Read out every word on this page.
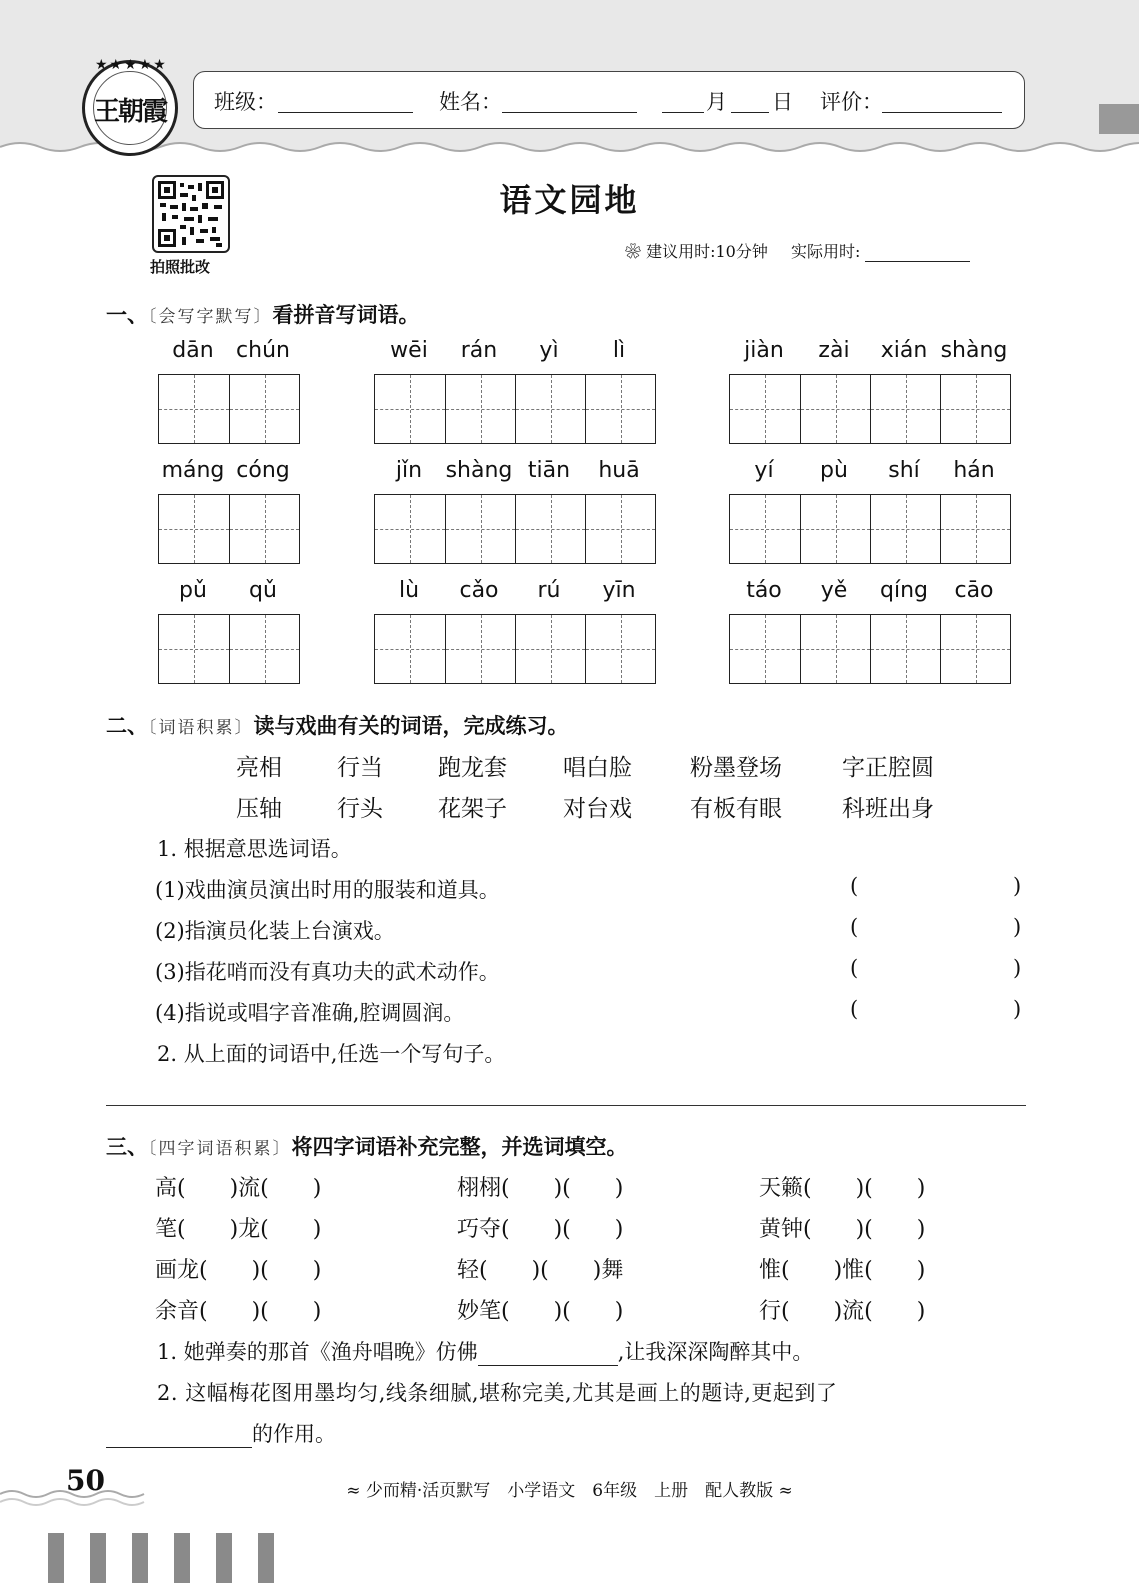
★★★★★
王朝霞	班级：	姓名：	月 日 评价：
拍照批改
语文园地
❀ 建议用时:10分钟 实际用时:
一、〔会写字默写〕看拼音写词语。
dān	chún	wēi	rán	yì	lì	jiàn	zài	xián shàng
máng cóng	jǐn	shàng tiān	huā	yí	pù	shí	hán
pǔ	qǔ	lù	cǎo	rú	yīn	táo	yě	qíng	cāo
二、〔词语积累〕读与戏曲有关的词语，完成练习。
亮相 行当 跑龙套 唱白脸	粉墨登场	字正腔圆
压轴 行头 花架子 对台戏	有板有眼	科班出身
1. 根据意思选词语。
(1)戏曲演员演出时用的服装和道具。	(	)
(2)指演员化装上台演戏。	(	)
(3)指花哨而没有真功夫的武术动作。	(	)
(4)指说或唱字音准确,腔调圆润。	(	)
2. 从上面的词语中,任选一个写句子。
三、〔四字词语积累〕将四字词语补充完整，并选词填空。
高(　　)流(　　)	栩栩(　　)(　　)	天籁(　　)(　　)
笔(　　)龙(　　)	巧夺(　　)(　　)	黄钟(　　)(　　)
画龙(　　)(　　)	轻(　　)(　　)舞	惟(　　)惟(　　)
余音(　　)(　　)	妙笔(　　)(　　)	行(　　)流(　　)
1. 她弹奏的那首《渔舟唱晚》仿佛	,让我深深陶醉其中。
2. 这幅梅花图用墨均匀,线条细腻,堪称完美,尤其是画上的题诗,更起到了
的作用。
50	≈ 少而精·活页默写　小学语文　6年级　上册　配人教版 ≈
